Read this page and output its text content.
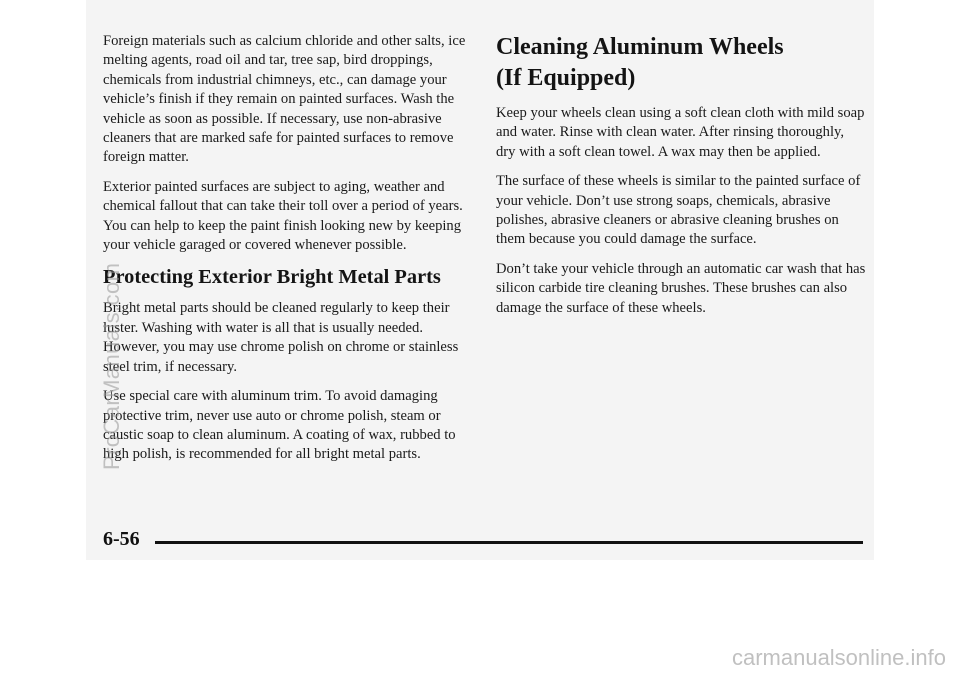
Foreign materials such as calcium chloride and other salts, ice melting agents, road oil and tar, tree sap, bird droppings, chemicals from industrial chimneys, etc., can damage your vehicle’s finish if they remain on painted surfaces. Wash the vehicle as soon as possible. If necessary, use non-abrasive cleaners that are marked safe for painted surfaces to remove foreign matter.

Exterior painted surfaces are subject to aging, weather and chemical fallout that can take their toll over a period of years. You can help to keep the paint finish looking new by keeping your vehicle garaged or covered whenever possible.

Protecting Exterior Bright Metal Parts

Bright metal parts should be cleaned regularly to keep their luster. Washing with water is all that is usually needed. However, you may use chrome polish on chrome or stainless steel trim, if necessary.

Use special care with aluminum trim. To avoid damaging protective trim, never use auto or chrome polish, steam or caustic soap to clean aluminum. A coating of wax, rubbed to high polish, is recommended for all bright metal parts.

Cleaning Aluminum Wheels
(If Equipped)

Keep your wheels clean using a soft clean cloth with mild soap and water. Rinse with clean water. After rinsing thoroughly, dry with a soft clean towel. A wax may then be applied.

The surface of these wheels is similar to the painted surface of your vehicle. Don’t use strong soaps, chemicals, abrasive polishes, abrasive cleaners or abrasive cleaning brushes on them because you could damage the surface.

Don’t take your vehicle through an automatic car wash that has silicon carbide tire cleaning brushes. These brushes can also damage the surface of these wheels.

6-56
ProCarManuals.com
carmanualsonline.info
